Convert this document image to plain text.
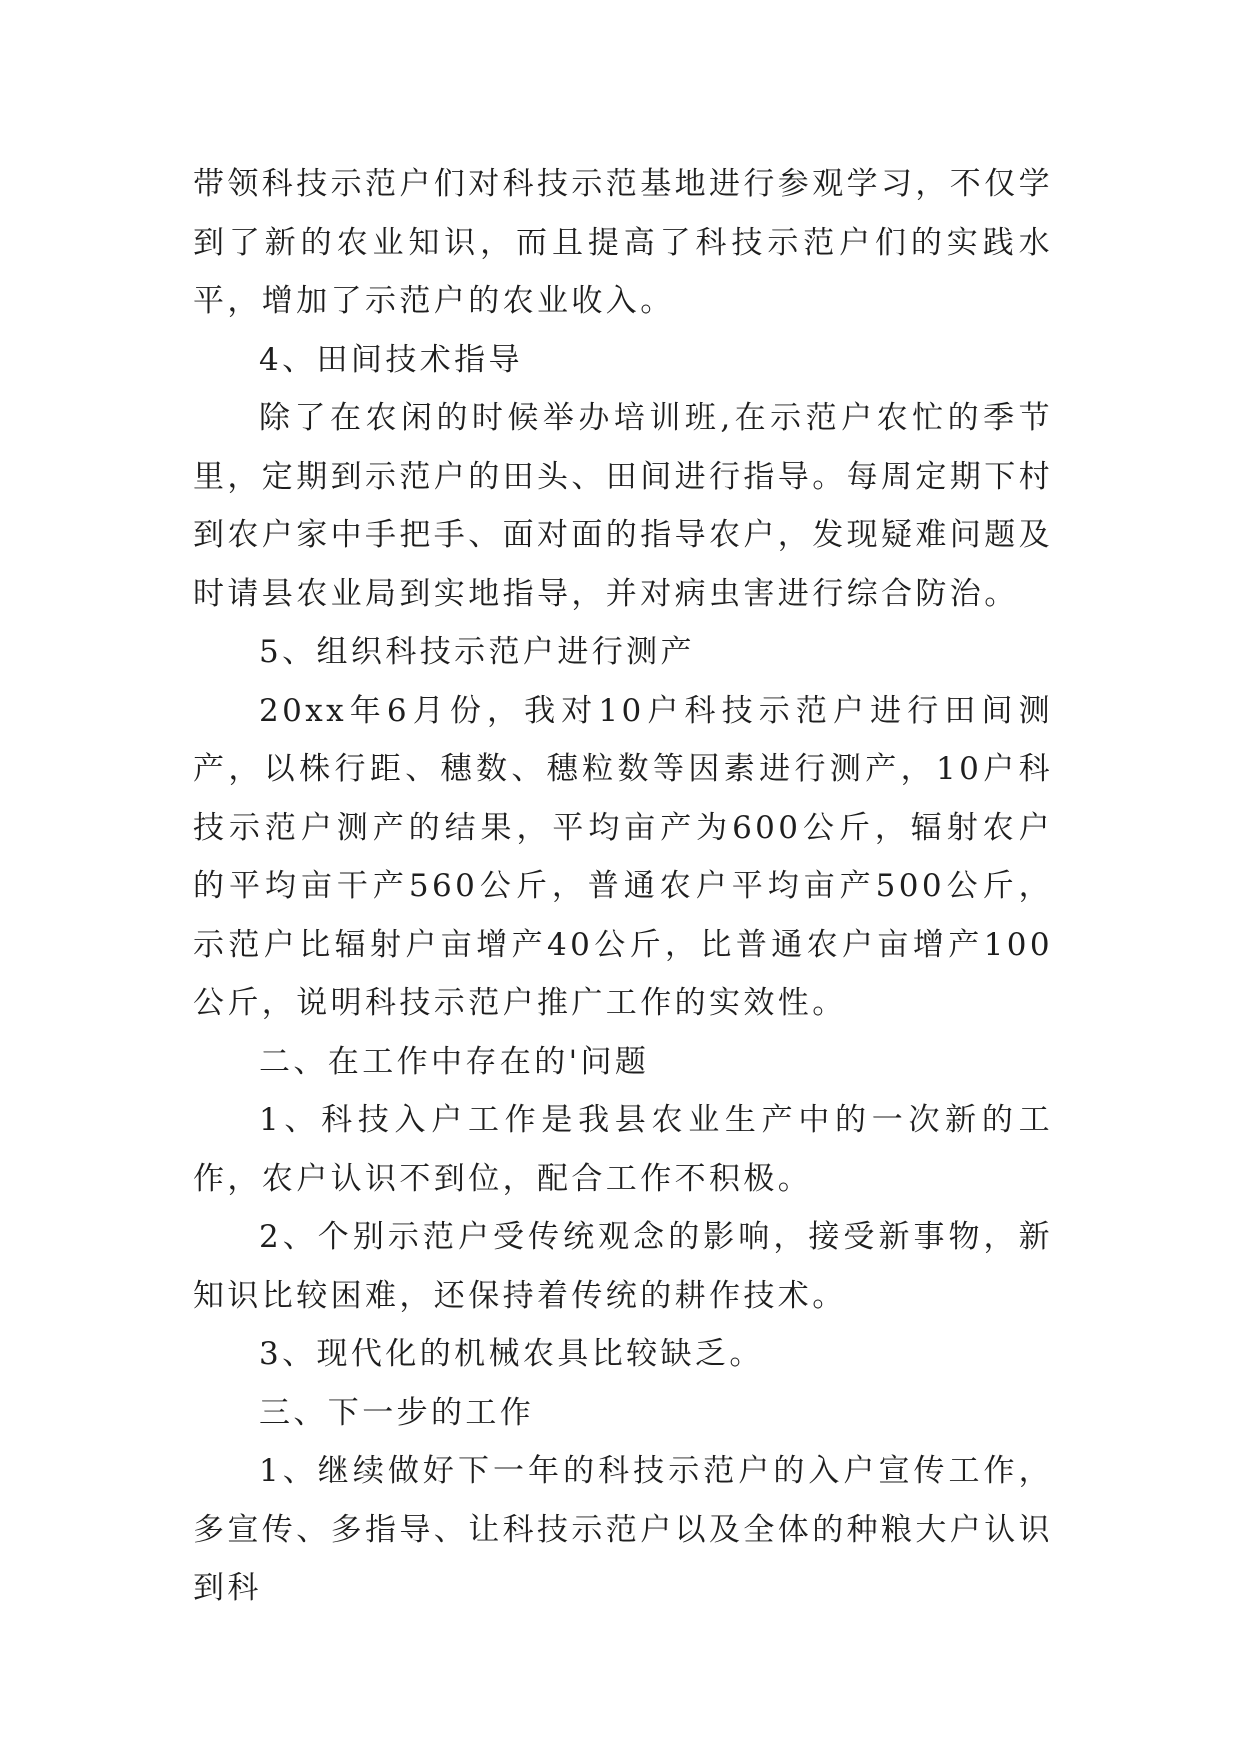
带领科技示范户们对科技示范基地进行参观学习，不仅学到了新的农业知识，而且提高了科技示范户们的实践水平，增加了示范户的农业收入。

4、田间技术指导

除了在农闲的时候举办培训班,在示范户农忙的季节里，定期到示范户的田头、田间进行指导。每周定期下村到农户家中手把手、面对面的指导农户，发现疑难问题及时请县农业局到实地指导，并对病虫害进行综合防治。

5、组织科技示范户进行测产

20xx年6月份，我对10户科技示范户进行田间测产，以株行距、穗数、穗粒数等因素进行测产，10户科技示范户测产的结果，平均亩产为600公斤，辐射农户的平均亩干产560公斤，普通农户平均亩产500公斤，示范户比辐射户亩增产40公斤，比普通农户亩增产100公斤，说明科技示范户推广工作的实效性。

二、在工作中存在的'问题

1、科技入户工作是我县农业生产中的一次新的工作，农户认识不到位，配合工作不积极。

2、个别示范户受传统观念的影响，接受新事物，新知识比较困难，还保持着传统的耕作技术。

3、现代化的机械农具比较缺乏。

三、下一步的工作

1、继续做好下一年的科技示范户的入户宣传工作，多宣传、多指导、让科技示范户以及全体的种粮大户认识到科
